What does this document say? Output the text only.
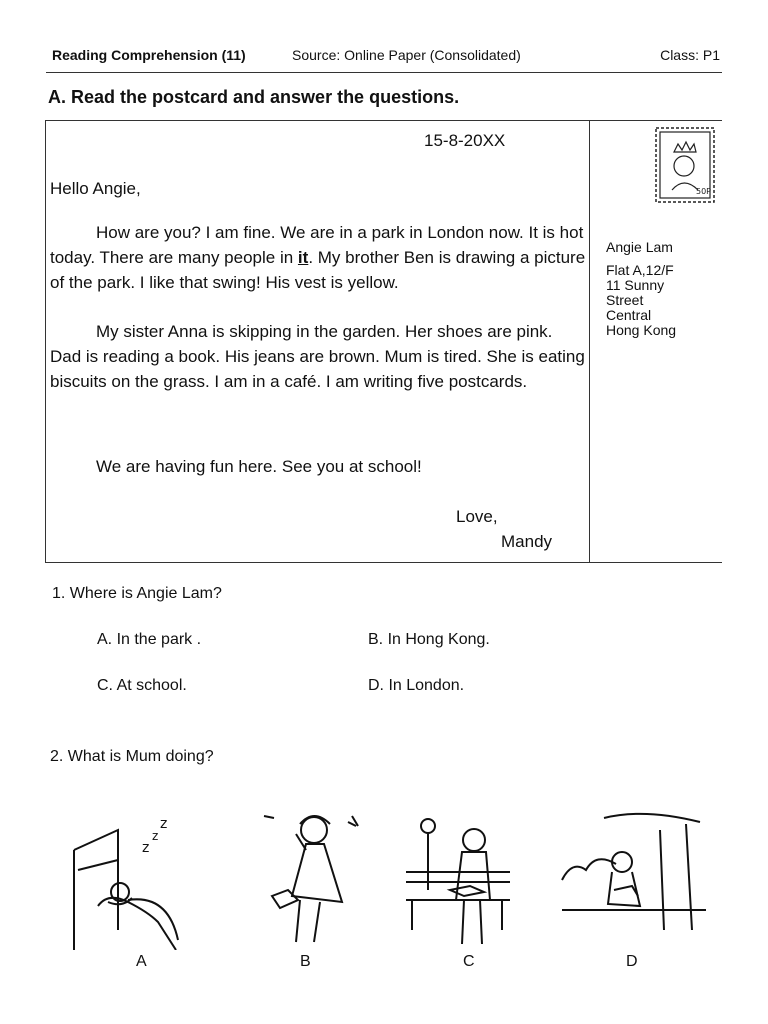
Reading Comprehension (11)	Source: Online Paper (Consolidated)	Class: P1
A. Read the postcard and answer the questions.
15-8-20XX
Hello Angie,
How are you? I am fine. We are in a park in London now. It is hot today. There are many people in it. My brother Ben is drawing a picture of the park. I like that swing! His vest is yellow.
My sister Anna is skipping in the garden. Her shoes are pink. Dad is reading a book. His jeans are brown. Mum is tired. She is eating biscuits on the grass. I am in a café. I am writing five postcards.
We are having fun here. See you at school!
Love,
Mandy
50P
Angie Lam
Flat A,12/F
11 Sunny
Street
Central
Hong Kong
1. Where is Angie Lam?
A. In the park .	B. In Hong Kong.
C. At school.	D. In London.
2. What is Mum doing?
z
z
z
A	B	C	D
